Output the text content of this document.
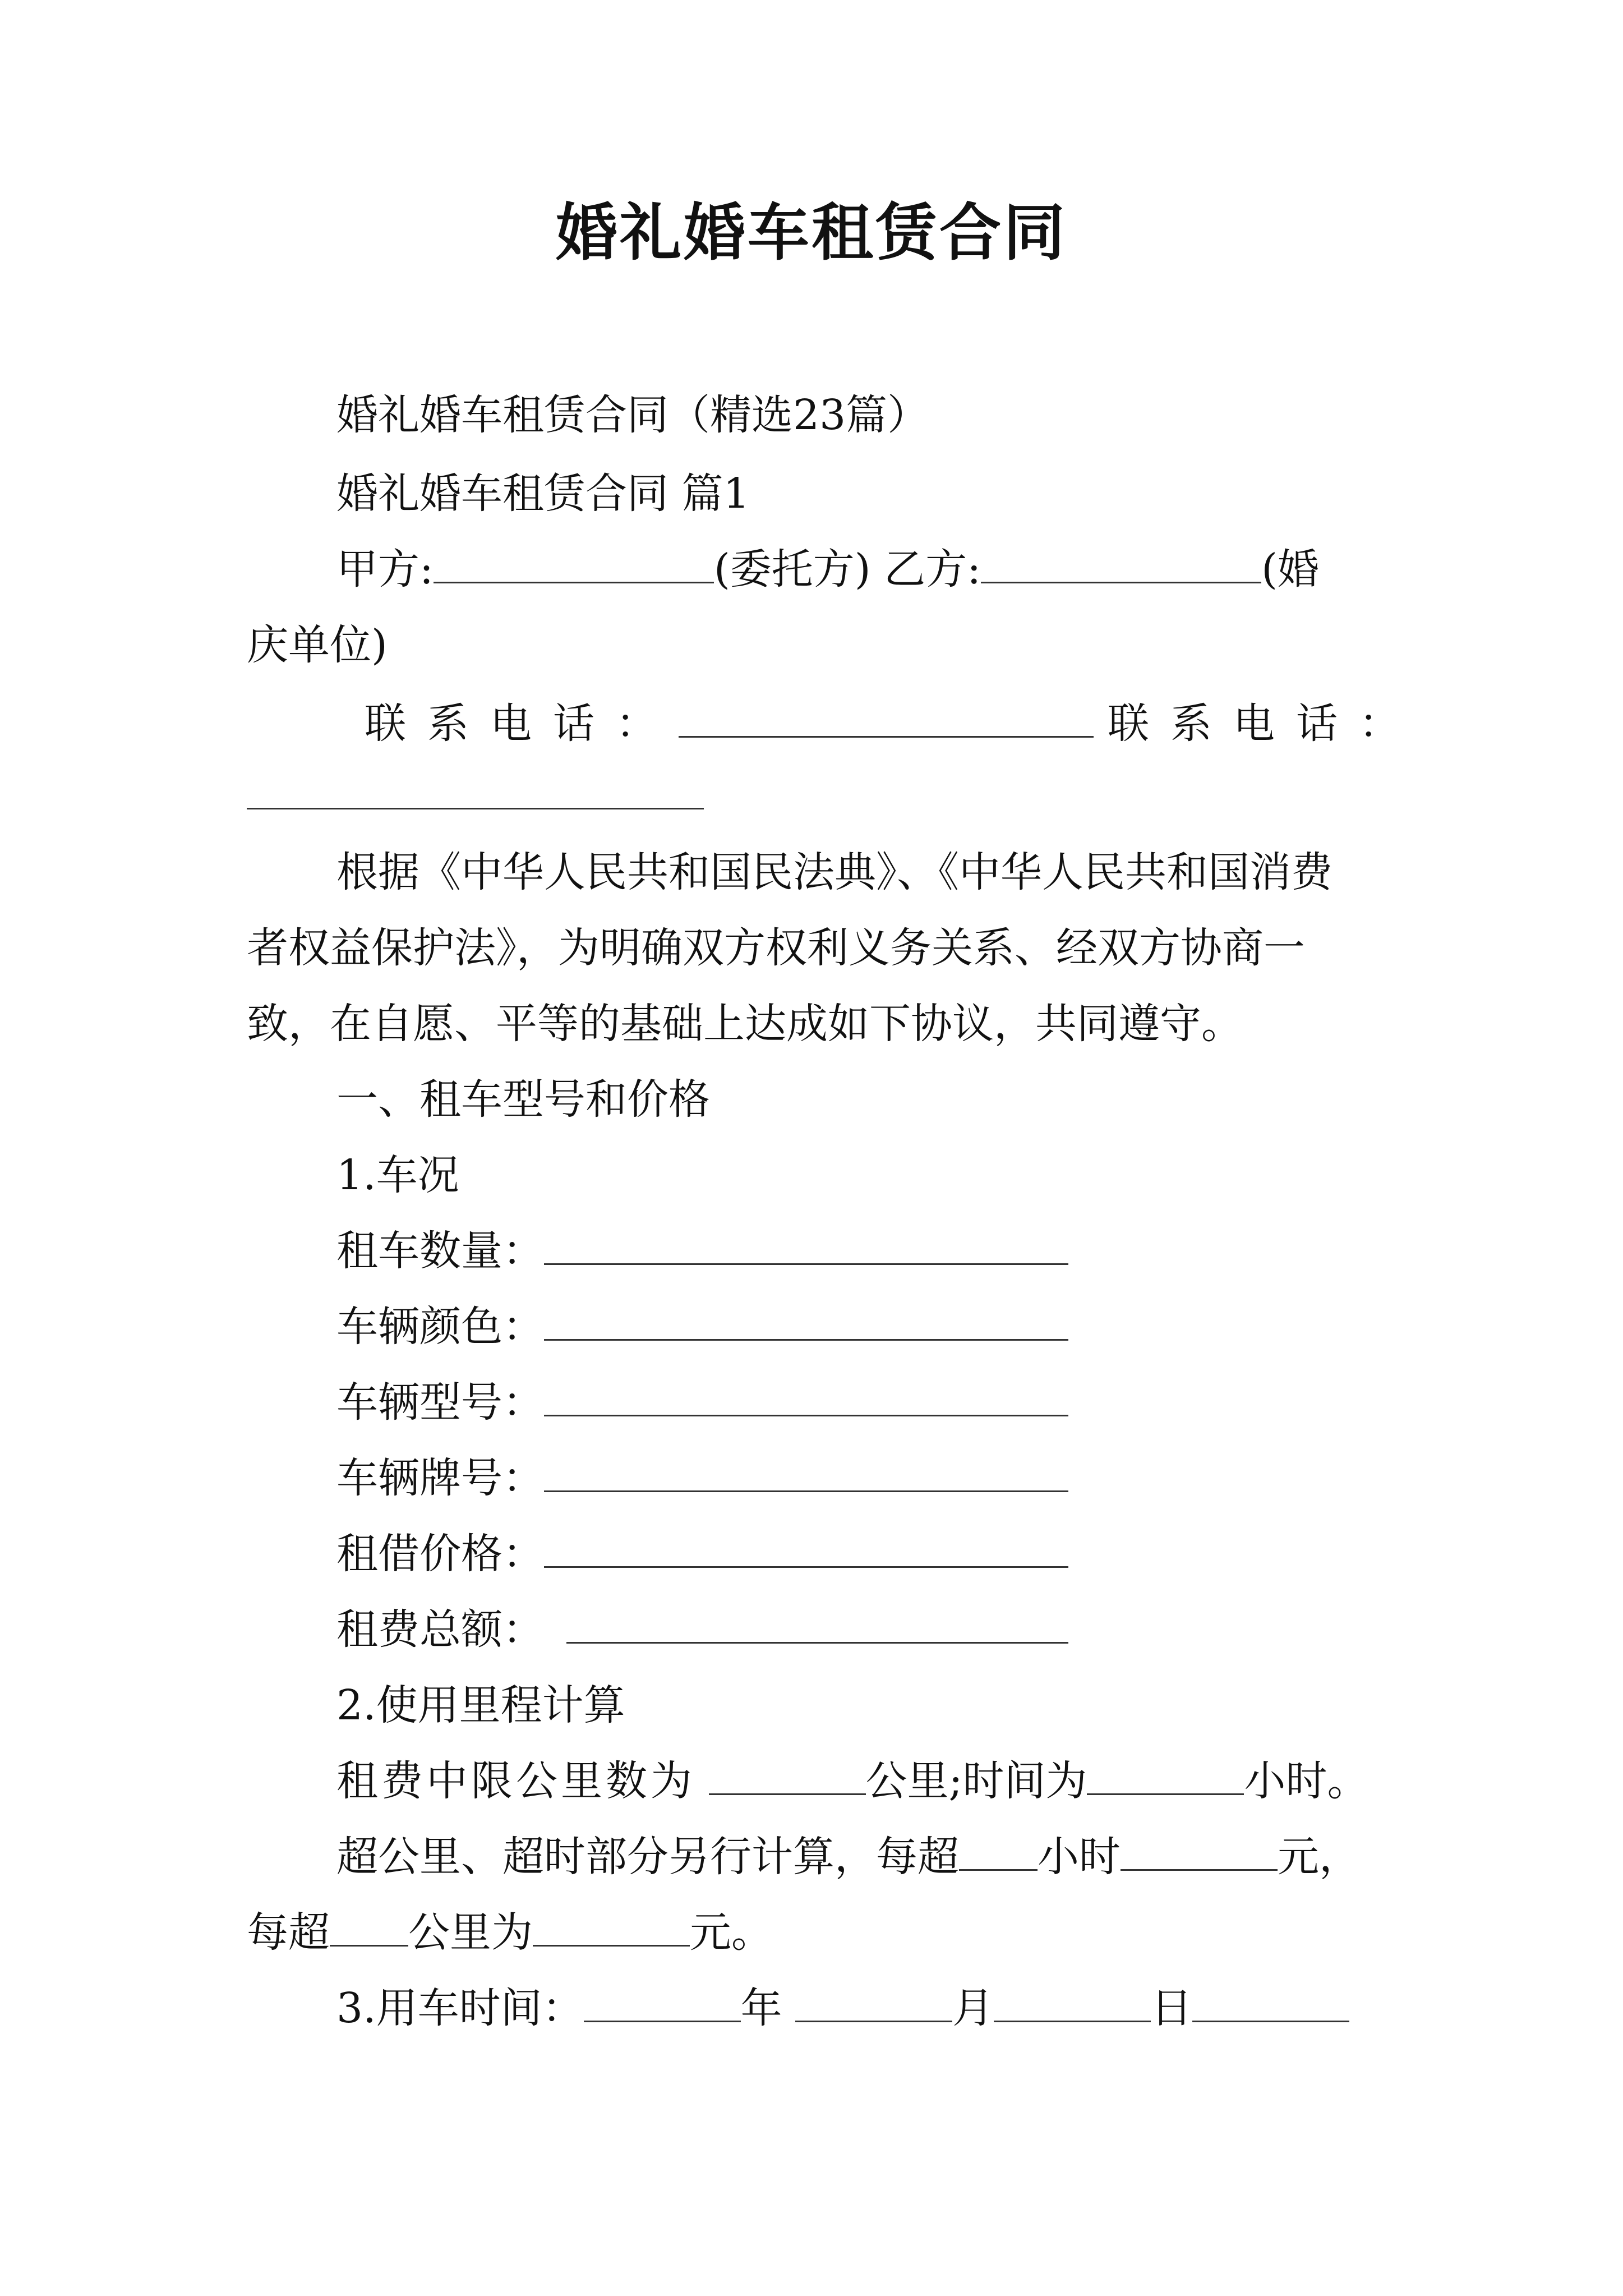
婚礼婚车租赁合同
婚礼婚车租赁合同（精选23篇）
婚礼婚车租赁合同 篇1
甲方:	(委托方) 乙方:	(婚
庆单位)
联系电话：	联系电话：
根据《中华人民共和国民法典》、《中华人民共和国消费
者权益保护法》，为明确双方权利义务关系、经双方协商一
致，在自愿、平等的基础上达成如下协议，共同遵守。
一、租车型号和价格
1.车况
租车数量：
车辆颜色：
车辆型号：
车辆牌号：
租借价格：
租费总额：
2.使用里程计算
租费中限公里数为	公里;时间为	小时。
超公里、超时部分另行计算，每超 小时	元，
每超 公里为	元。
3.用车时间：	年	月	日
